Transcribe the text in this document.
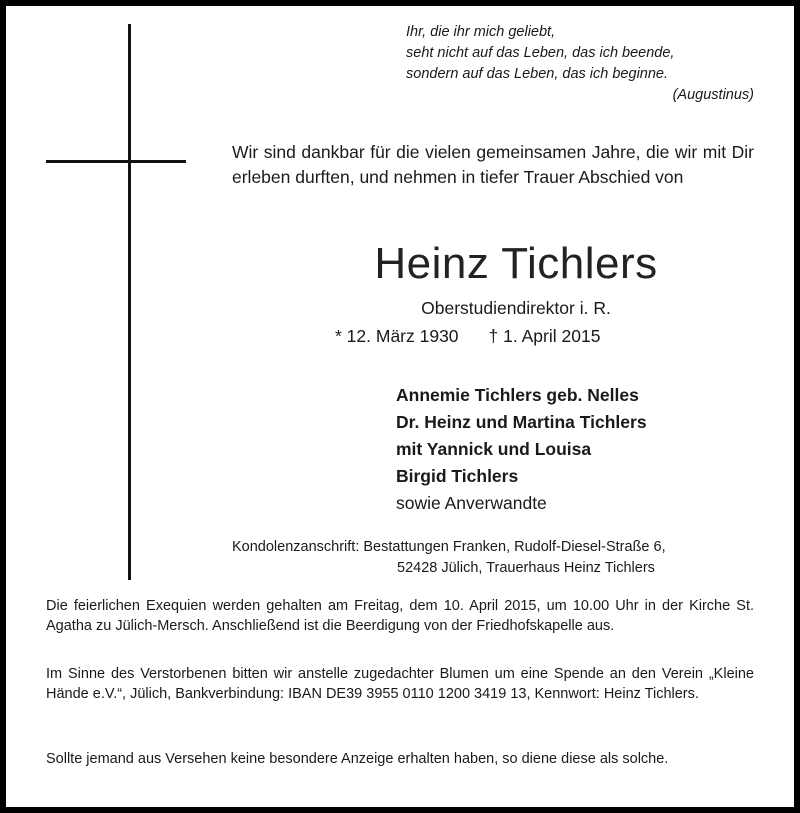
Ihr, die ihr mich geliebt,
seht nicht auf das Leben, das ich beende,
sondern auf das Leben, das ich beginne.
(Augustinus)
Wir sind dankbar für die vielen gemeinsamen Jahre, die wir mit Dir erleben durften, und nehmen in tiefer Trauer Abschied von
Heinz Tichlers
Oberstudiendirektor i. R.
* 12. März 1930 † 1. April 2015
Annemie Tichlers geb. Nelles
Dr. Heinz und Martina Tichlers
mit Yannick und Louisa
Birgid Tichlers
sowie Anverwandte
Kondolenzanschrift: Bestattungen Franken, Rudolf-Diesel-Straße 6,
52428 Jülich, Trauerhaus Heinz Tichlers
Die feierlichen Exequien werden gehalten am Freitag, dem 10. April 2015, um 10.00 Uhr in der Kirche St. Agatha zu Jülich-Mersch. Anschließend ist die Beerdigung von der Friedhofskapelle aus.
Im Sinne des Verstorbenen bitten wir anstelle zugedachter Blumen um eine Spende an den Verein „Kleine Hände e.V.“, Jülich, Bankverbindung: IBAN DE39 3955 0110 1200 3419 13, Kennwort: Heinz Tichlers.
Sollte jemand aus Versehen keine besondere Anzeige erhalten haben, so diene diese als solche.
